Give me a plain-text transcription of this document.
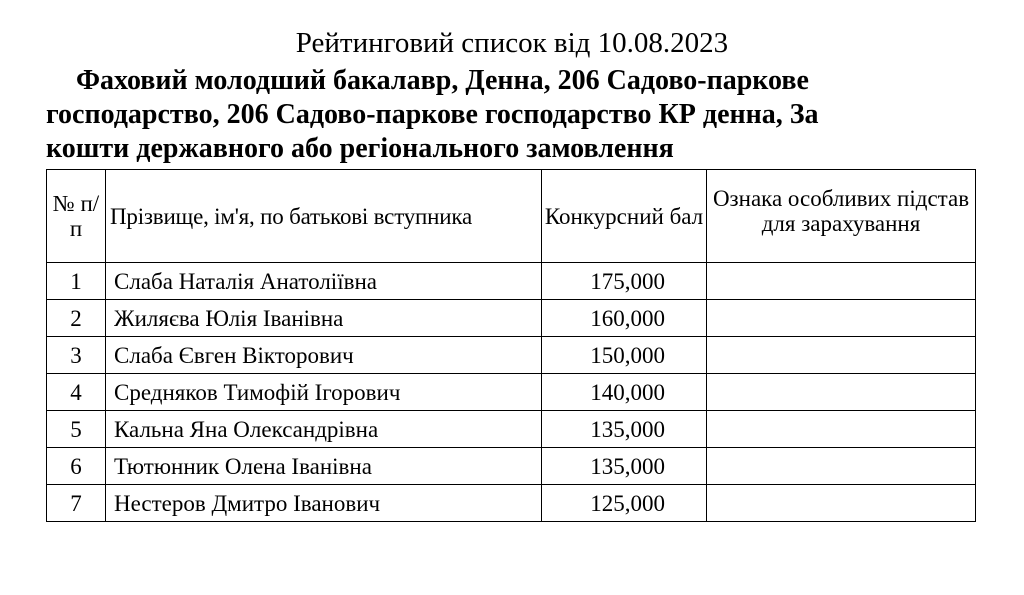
Рейтинговий список від 10.08.2023
Фаховий молодший бакалавр, Денна, 206 Садово-паркове
господарство, 206 Садово-паркове господарство КР денна, За
кошти державного або регіонального замовлення
№ п/п	Прізвище, ім'я, по батькові вступника	Конкурсний бал	Ознака особливих підстав для зарахування

1	Слаба Наталія Анатоліївна	175,000	
2	Жиляєва Юлія Іванівна	160,000	
3	Слаба Євген Вікторович	150,000	
4	Средняков Тимофій Ігорович	140,000	
5	Кальна Яна Олександрівна	135,000	
6	Тютюнник Олена Іванівна	135,000	
7	Нестеров Дмитро Іванович	125,000	
